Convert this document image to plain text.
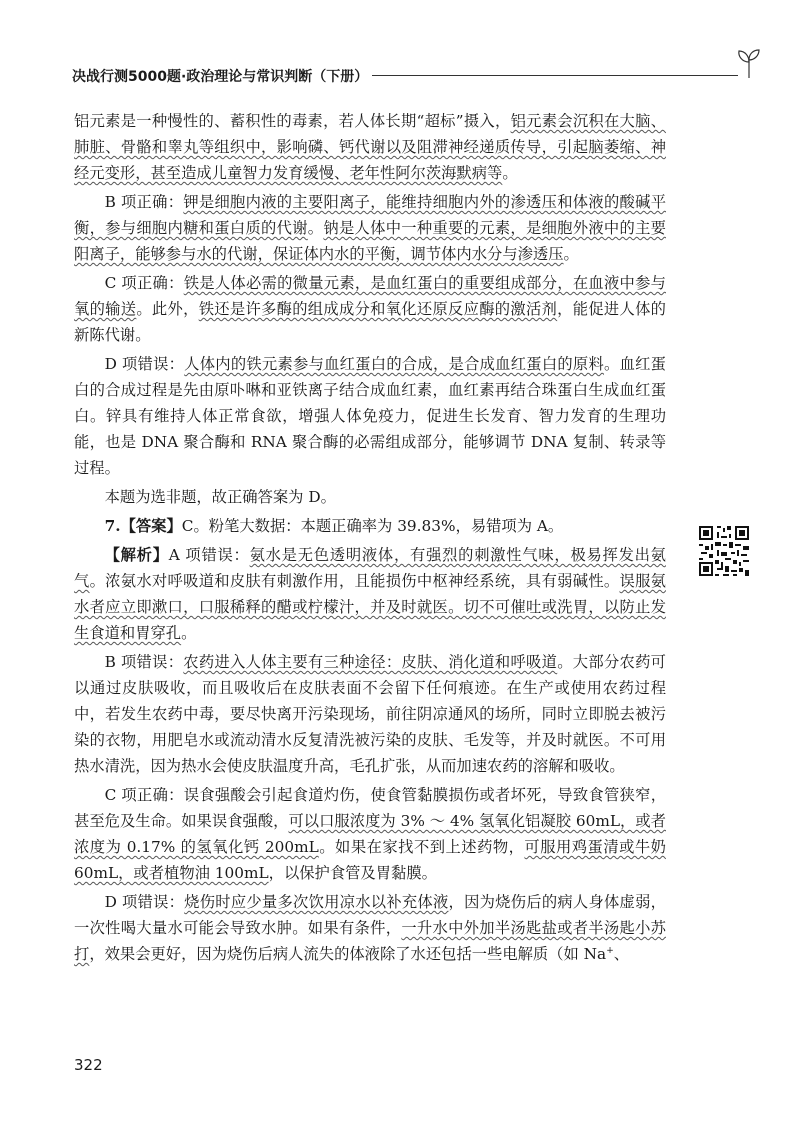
决战行测5000题·政治理论与常识判断（下册）

铝元素是一种慢性的、蓄积性的毒素，若人体长期“超标”摄入，铝元素会沉积在大脑、肺脏、骨骼和睾丸等组织中，影响磷、钙代谢以及阻滞神经递质传导，引起脑萎缩、神经元变形，甚至造成儿童智力发育缓慢、老年性阿尔茨海默病等。

B 项正确：钾是细胞内液的主要阳离子，能维持细胞内外的渗透压和体液的酸碱平衡，参与细胞内糖和蛋白质的代谢。钠是人体中一种重要的元素，是细胞外液中的主要阳离子，能够参与水的代谢，保证体内水的平衡，调节体内水分与渗透压。

C 项正确：铁是人体必需的微量元素，是血红蛋白的重要组成部分，在血液中参与氧的输送。此外，铁还是许多酶的组成成分和氧化还原反应酶的激活剂，能促进人体的新陈代谢。

D 项错误：人体内的铁元素参与血红蛋白的合成，是合成血红蛋白的原料。血红蛋白的合成过程是先由原卟啉和亚铁离子结合成血红素，血红素再结合珠蛋白生成血红蛋白。锌具有维持人体正常食欲，增强人体免疫力，促进生长发育、智力发育的生理功能，也是 DNA 聚合酶和 RNA 聚合酶的必需组成部分，能够调节 DNA 复制、转录等过程。

本题为选非题，故正确答案为 D。

7.【答案】C。粉笔大数据：本题正确率为 39.83%，易错项为 A。

【解析】A 项错误：氨水是无色透明液体，有强烈的刺激性气味，极易挥发出氨气。浓氨水对呼吸道和皮肤有刺激作用，且能损伤中枢神经系统，具有弱碱性。误服氨水者应立即漱口，口服稀释的醋或柠檬汁，并及时就医。切不可催吐或洗胃，以防止发生食道和胃穿孔。

B 项错误：农药进入人体主要有三种途径：皮肤、消化道和呼吸道。大部分农药可以通过皮肤吸收，而且吸收后在皮肤表面不会留下任何痕迹。在生产或使用农药过程中，若发生农药中毒，要尽快离开污染现场，前往阴凉通风的场所，同时立即脱去被污染的衣物，用肥皂水或流动清水反复清洗被污染的皮肤、毛发等，并及时就医。不可用热水清洗，因为热水会使皮肤温度升高，毛孔扩张，从而加速农药的溶解和吸收。

C 项正确：误食强酸会引起食道灼伤，使食管黏膜损伤或者坏死，导致食管狭窄，甚至危及生命。如果误食强酸，可以口服浓度为 3% ～ 4% 氢氧化铝凝胶 60mL，或者浓度为 0.17% 的氢氧化钙 200mL。如果在家找不到上述药物，可服用鸡蛋清或牛奶 60mL，或者植物油 100mL，以保护食管及胃黏膜。

D 项错误：烧伤时应少量多次饮用凉水以补充体液，因为烧伤后的病人身体虚弱，一次性喝大量水可能会导致水肿。如果有条件，一升水中外加半汤匙盐或者半汤匙小苏打，效果会更好，因为烧伤后病人流失的体液除了水还包括一些电解质（如 Na+、

322
